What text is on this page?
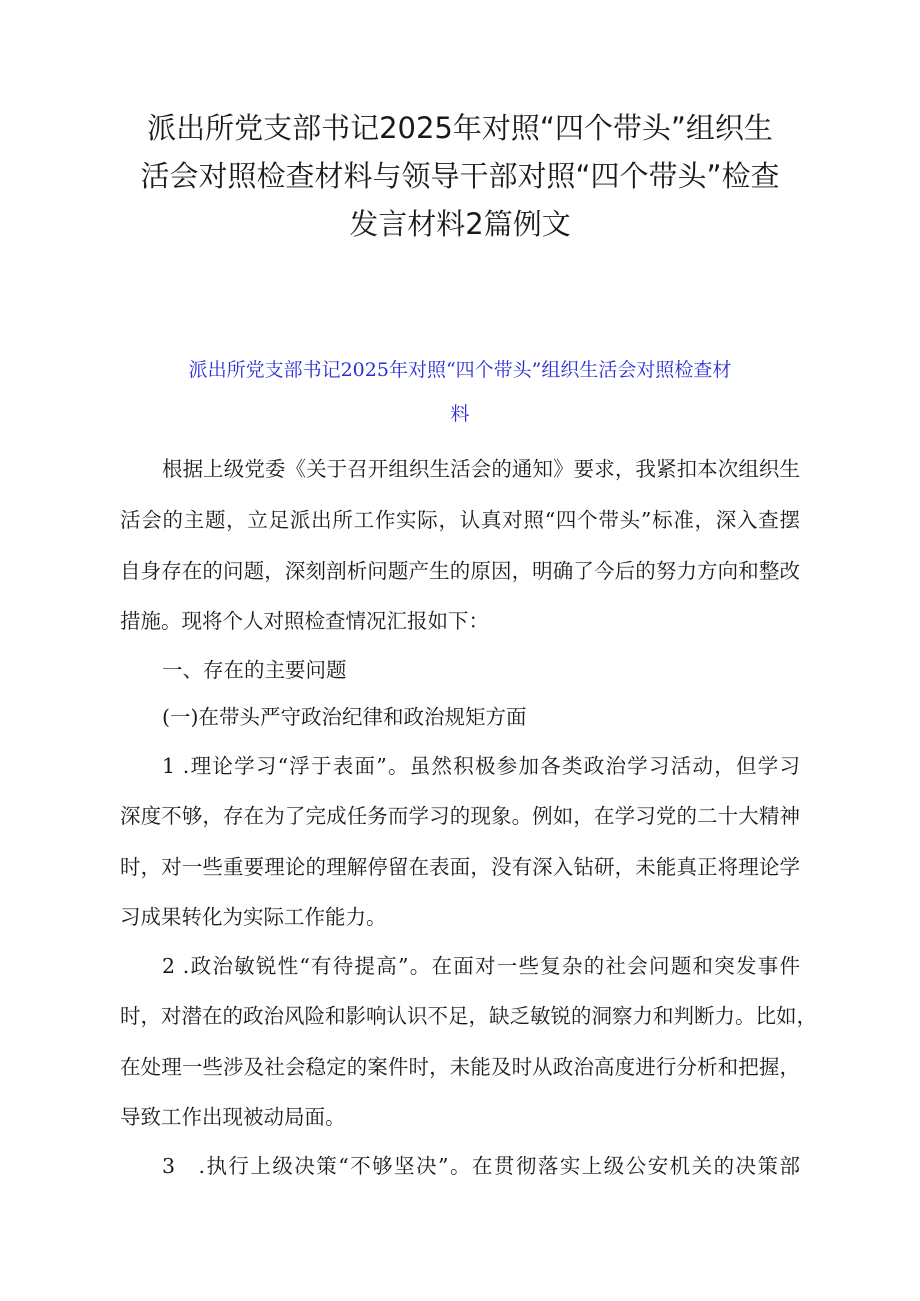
派出所党支部书记2025年对照“四个带头”组织生
活会对照检查材料与领导干部对照“四个带头”检查
发言材料2篇例文
派出所党支部书记2025年对照“四个带头”组织生活会对照检查材
料
根据上级党委《关于召开组织生活会的通知》要求，我紧扣本次组织生
活会的主题，立足派出所工作实际，认真对照“四个带头”标准，深入查摆
自身存在的问题，深刻剖析问题产生的原因，明确了今后的努力方向和整改
措施。现将个人对照检查情况汇报如下：
一、存在的主要问题
(一)在带头严守政治纪律和政治规矩方面
1 .理论学习“浮于表面”。虽然积极参加各类政治学习活动，但学习
深度不够，存在为了完成任务而学习的现象。例如，在学习党的二十大精神
时，对一些重要理论的理解停留在表面，没有深入钻研，未能真正将理论学
习成果转化为实际工作能力。
2 .政治敏锐性“有待提高”。在面对一些复杂的社会问题和突发事件
时，对潜在的政治风险和影响认识不足，缺乏敏锐的洞察力和判断力。比如，
在处理一些涉及社会稳定的案件时，未能及时从政治高度进行分析和把握，
导致工作出现被动局面。
3　.执行上级决策“不够坚决”。在贯彻落实上级公安机关的决策部
